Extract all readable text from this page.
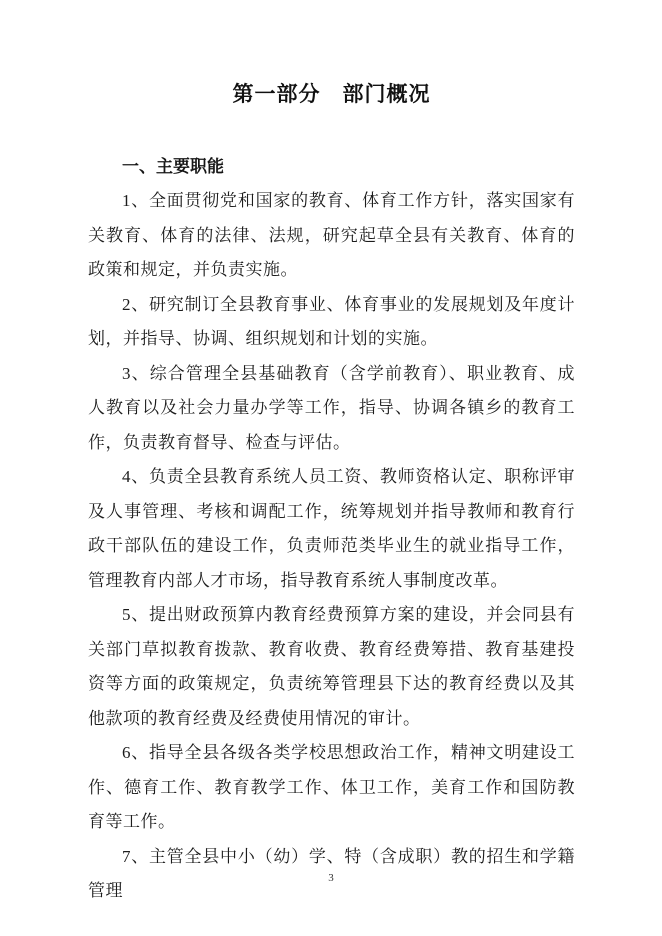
第一部分　部门概况
一、主要职能

1、全面贯彻党和国家的教育、体育工作方针，落实国家有关教育、体育的法律、法规，研究起草全县有关教育、体育的政策和规定，并负责实施。

2、研究制订全县教育事业、体育事业的发展规划及年度计划，并指导、协调、组织规划和计划的实施。

3、综合管理全县基础教育（含学前教育）、职业教育、成人教育以及社会力量办学等工作，指导、协调各镇乡的教育工作，负责教育督导、检查与评估。

4、负责全县教育系统人员工资、教师资格认定、职称评审及人事管理、考核和调配工作，统筹规划并指导教师和教育行政干部队伍的建设工作，负责师范类毕业生的就业指导工作，管理教育内部人才市场，指导教育系统人事制度改革。

5、提出财政预算内教育经费预算方案的建设，并会同县有关部门草拟教育拨款、教育收费、教育经费筹措、教育基建投资等方面的政策规定，负责统筹管理县下达的教育经费以及其他款项的教育经费及经费使用情况的审计。

6、指导全县各级各类学校思想政治工作，精神文明建设工作、德育工作、教育教学工作、体卫工作，美育工作和国防教育等工作。

7、主管全县中小（幼）学、特（含成职）教的招生和学籍管理

3
